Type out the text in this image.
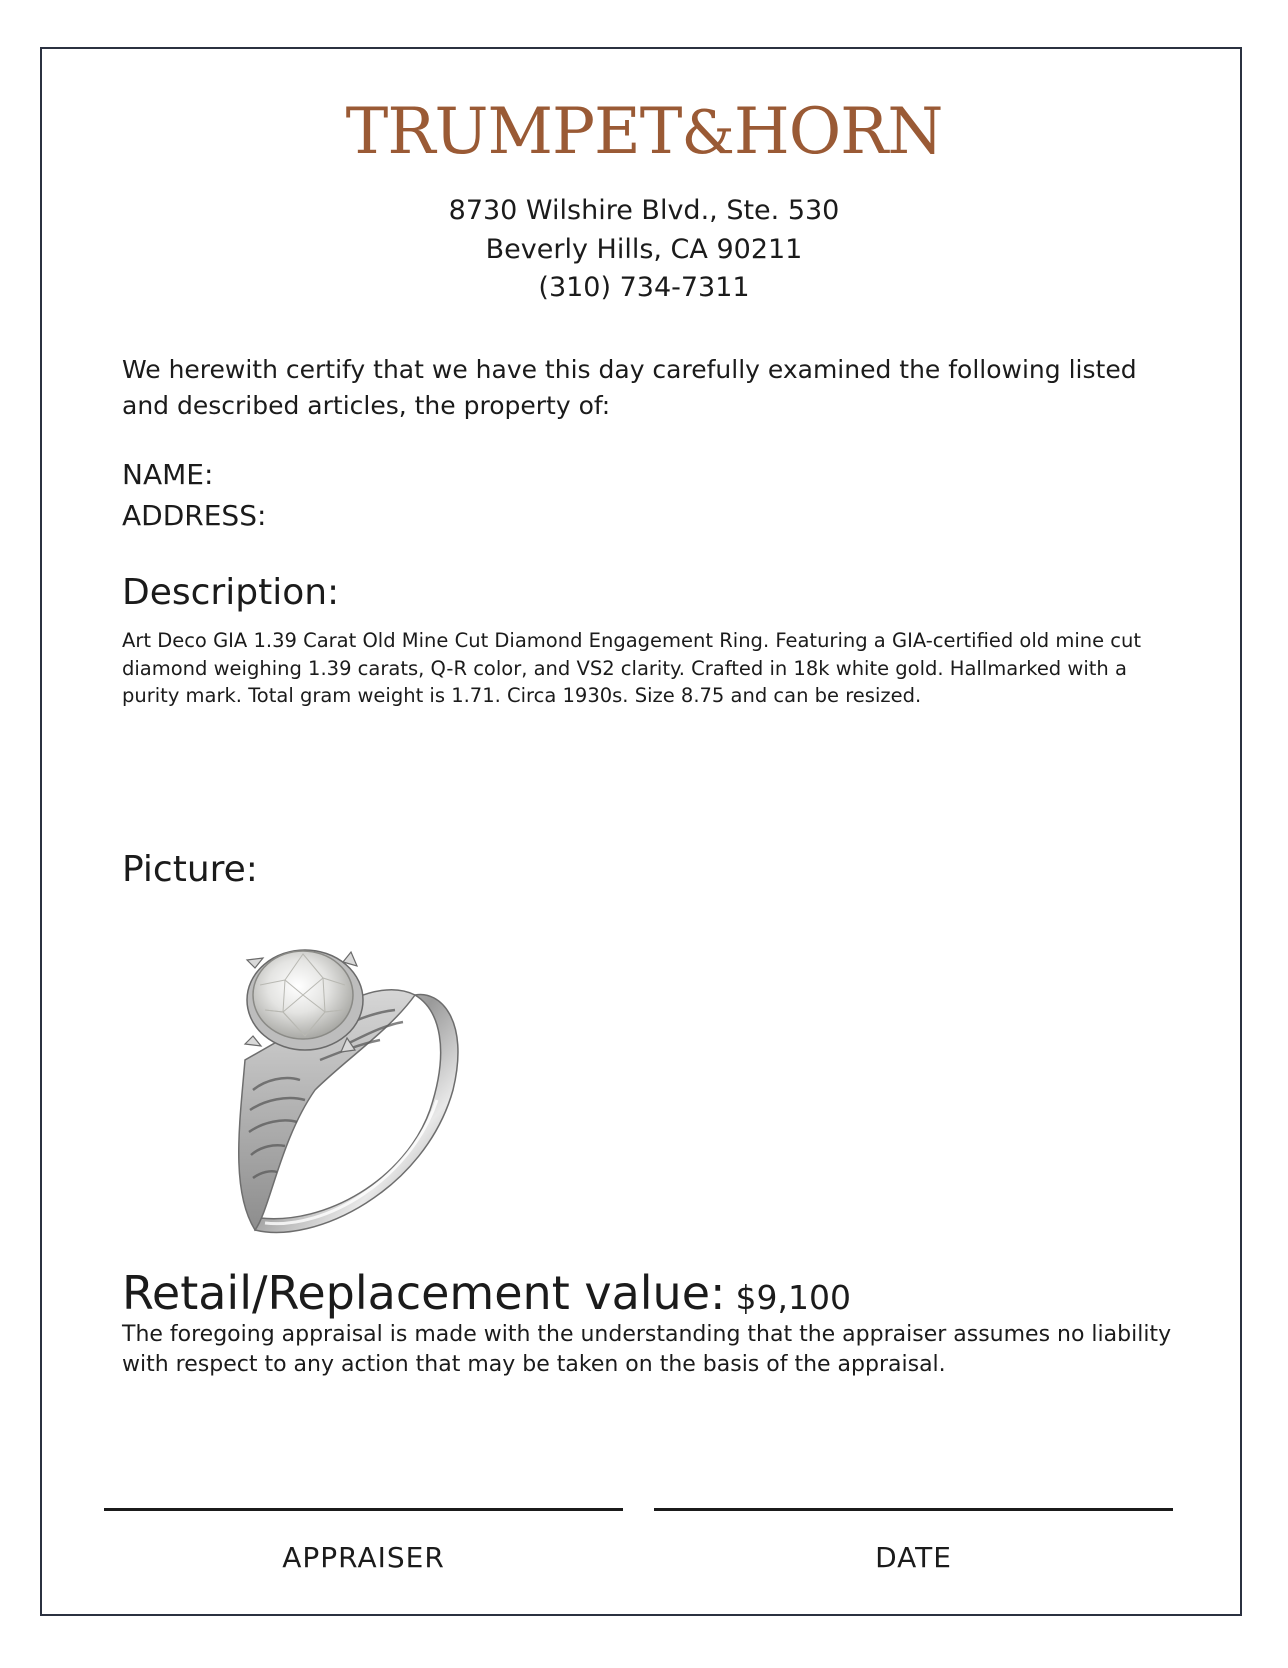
TRUMPET&HORN
8730 Wilshire Blvd., Ste. 530
Beverly Hills, CA 90211
(310) 734-7311
We herewith certify that we have this day carefully examined the following listed and described articles, the property of:
NAME:
ADDRESS:
Description:
Art Deco GIA 1.39 Carat Old Mine Cut Diamond Engagement Ring. Featuring a GIA-certified old mine cut diamond weighing 1.39 carats, Q-R color, and VS2 clarity. Crafted in 18k white gold. Hallmarked with a purity mark. Total gram weight is 1.71. Circa 1930s. Size 8.75 and can be resized.
Picture:
Retail/Replacement value: $9,100
The foregoing appraisal is made with the understanding that the appraiser assumes no liability with respect to any action that may be taken on the basis of the appraisal.
APPRAISER	DATE
